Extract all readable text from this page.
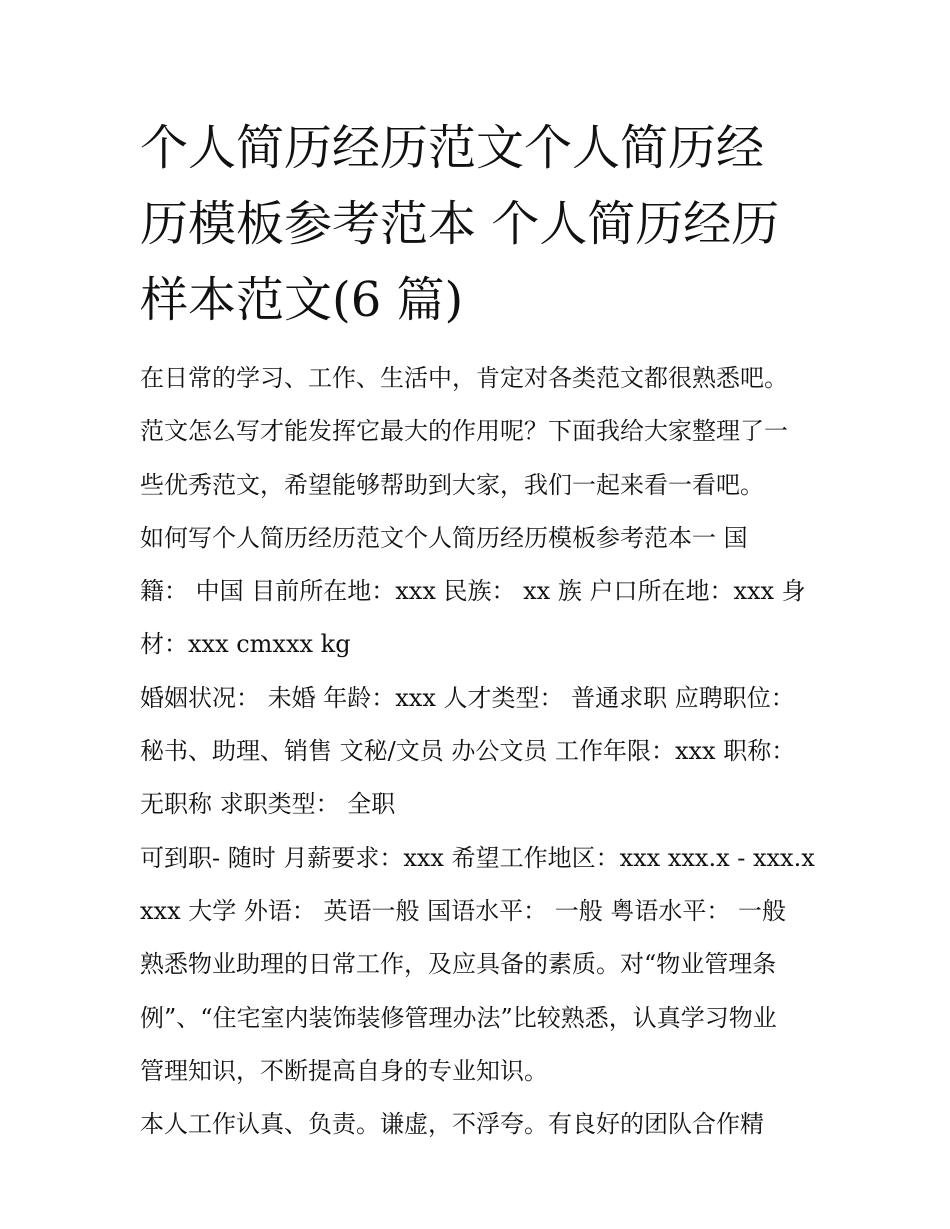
个人简历经历范文个人简历经
历模板参考范本 个人简历经历
样本范文(6 篇)
在日常的学习、工作、生活中，肯定对各类范文都很熟悉吧。
范文怎么写才能发挥它最大的作用呢？下面我给大家整理了一
些优秀范文，希望能够帮助到大家，我们一起来看一看吧。
如何写个人简历经历范文个人简历经历模板参考范本一 国
籍： 中国 目前所在地：xxx 民族： xx 族 户口所在地：xxx 身
材：xxx cmxxx kg
婚姻状况： 未婚 年龄：xxx 人才类型： 普通求职 应聘职位：
秘书、助理、销售 文秘/文员 办公文员 工作年限：xxx 职称：
无职称 求职类型： 全职
可到职- 随时 月薪要求：xxx 希望工作地区：xxx xxx.x - xxx.x
xxx 大学 外语： 英语一般 国语水平： 一般 粤语水平： 一般
熟悉物业助理的日常工作，及应具备的素质。对“物业管理条
例”、“住宅室内装饰装修管理办法”比较熟悉，认真学习物业
管理知识，不断提高自身的专业知识。
本人工作认真、负责。谦虚，不浮夸。有良好的团队合作精
